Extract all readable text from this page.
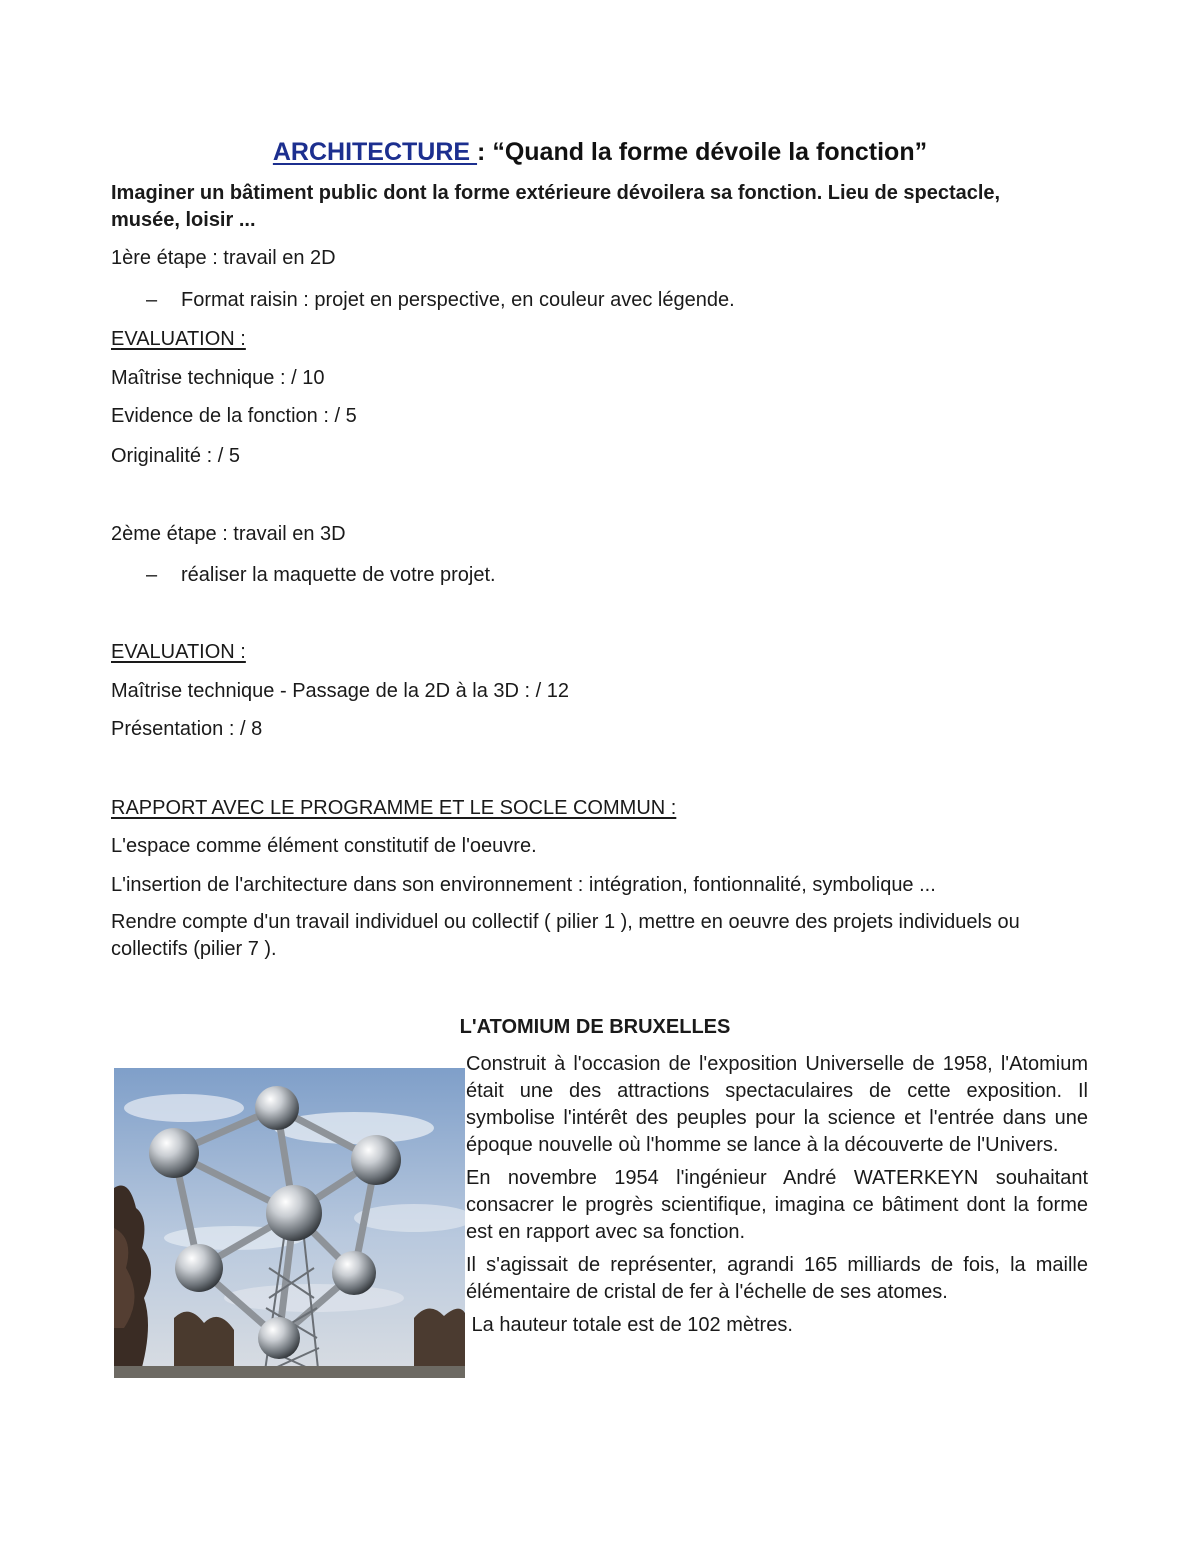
ARCHITECTURE : “Quand la forme dévoile la fonction”
Imaginer un bâtiment public dont la forme extérieure dévoilera sa fonction. Lieu de spectacle, musée, loisir ...
1ère étape : travail en 2D
– Format raisin : projet en perspective, en couleur avec légende.
EVALUATION :
Maîtrise technique : / 10
Evidence de la fonction : / 5
Originalité : / 5
2ème étape : travail en 3D
– réaliser la maquette de votre projet.
EVALUATION :
Maîtrise technique - Passage de la 2D à la 3D : / 12
Présentation : / 8
RAPPORT AVEC LE PROGRAMME ET LE SOCLE COMMUN :
L'espace comme élément constitutif de l'oeuvre.
L'insertion de l'architecture dans son environnement : intégration, fontionnalité, symbolique ...
Rendre compte d'un travail individuel ou collectif ( pilier 1 ), mettre en oeuvre des projets individuels ou collectifs (pilier 7 ).
L'ATOMIUM DE BRUXELLES

Construit à l'occasion de l'exposition Universelle de 1958, l'Atomium était une des attractions spectaculaires de cette exposition. Il symbolise l'intérêt des peuples pour la science et l'entrée dans une époque nouvelle où l'homme se lance à la découverte de l'Univers.

En novembre 1954 l'ingénieur André WATERKEYN souhaitant consacrer le progrès scientifique, imagina ce bâtiment dont la forme est en rapport avec sa fonction.

Il s'agissait de représenter, agrandi 165 milliards de fois, la maille élémentaire de cristal de fer à l'échelle de ses atomes.

La hauteur totale est de 102 mètres.
